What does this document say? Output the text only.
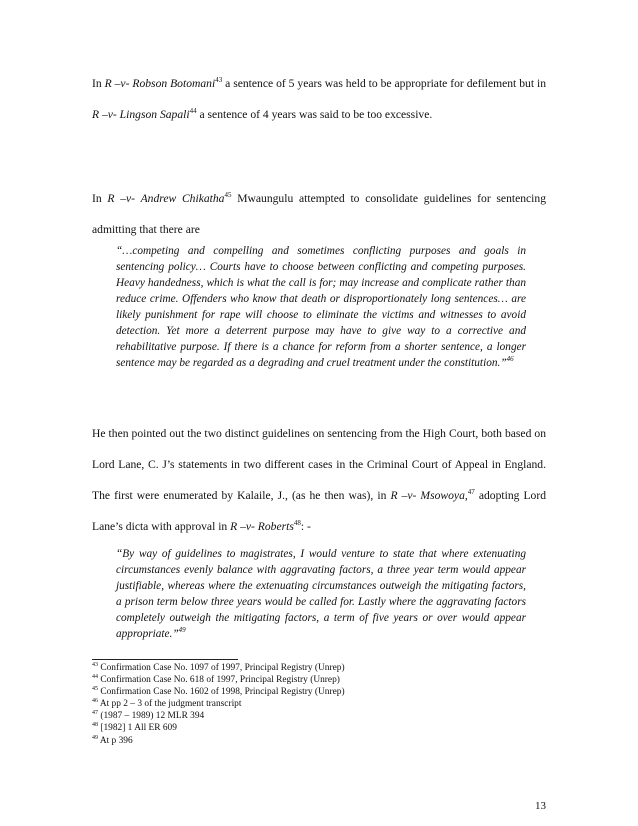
In R –v- Robson Botomani$^{43}$ a sentence of 5 years was held to be appropriate for defilement but in R –v- Lingson Sapali$^{44}$ a sentence of 4 years was said to be too excessive.

In R –v- Andrew Chikatha$^{45}$ Mwaungulu attempted to consolidate guidelines for sentencing admitting that there are

“…competing and compelling and sometimes conflicting purposes and goals in sentencing policy… Courts have to choose between conflicting and competing purposes. Heavy handedness, which is what the call is for; may increase and complicate rather than reduce crime. Offenders who know that death or disproportionately long sentences… are likely punishment for rape will choose to eliminate the victims and witnesses to avoid detection. Yet more a deterrent purpose may have to give way to a corrective and rehabilitative purpose. If there is a chance for reform from a shorter sentence, a longer sentence may be regarded as a degrading and cruel treatment under the constitution.”$^{46}$

He then pointed out the two distinct guidelines on sentencing from the High Court, both based on Lord Lane, C. J’s statements in two different cases in the Criminal Court of Appeal in England. The first were enumerated by Kalaile, J., (as he then was), in R –v- Msowoya,$^{47}$ adopting Lord Lane’s dicta with approval in R –v- Roberts$^{48}$: -

“By way of guidelines to magistrates, I would venture to state that where extenuating circumstances evenly balance with aggravating factors, a three year term would appear justifiable, whereas where the extenuating circumstances outweigh the mitigating factors, a prison term below three years would be called for. Lastly where the aggravating factors completely outweigh the mitigating factors, a term of five years or over would appear appropriate.”$^{49}$

$^{43}$ Confirmation Case No. 1097 of 1997, Principal Registry (Unrep)
$^{44}$ Confirmation Case No. 618 of 1997, Principal Registry (Unrep)
$^{45}$ Confirmation Case No. 1602 of 1998, Principal Registry (Unrep)
$^{46}$ At pp 2 – 3 of the judgment transcript
$^{47}$ (1987 – 1989) 12 MLR 394
$^{48}$ [1982] 1 All ER 609
$^{49}$ At p 396
13
